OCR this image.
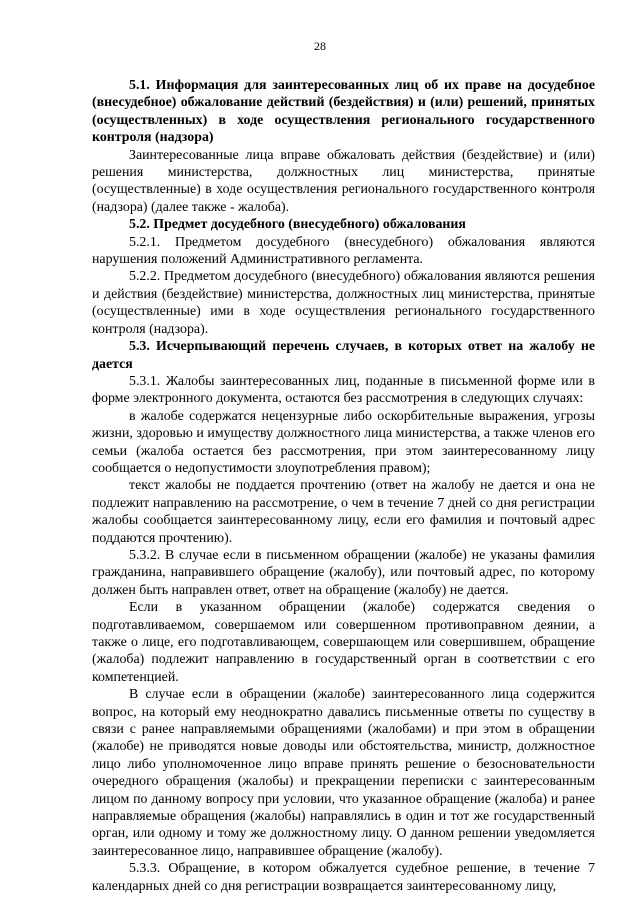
28

5.1. Информация для заинтересованных лиц об их праве на досудебное (внесудебное) обжалование действий (бездействия) и (или) решений, принятых (осуществленных) в ходе осуществления регионального государственного контроля (надзора)

Заинтересованные лица вправе обжаловать действия (бездействие) и (или) решения министерства, должностных лиц министерства, принятые (осуществленные) в ходе осуществления регионального государственного контроля (надзора) (далее также - жалоба).

5.2. Предмет досудебного (внесудебного) обжалования

5.2.1. Предметом досудебного (внесудебного) обжалования являются нарушения положений Административного регламента.

5.2.2. Предметом досудебного (внесудебного) обжалования являются решения и действия (бездействие) министерства, должностных лиц министерства, принятые (осуществленные) ими в ходе осуществления регионального государственного контроля (надзора).

5.3. Исчерпывающий перечень случаев, в которых ответ на жалобу не дается

5.3.1. Жалобы заинтересованных лиц, поданные в письменной форме или в форме электронного документа, остаются без рассмотрения в следующих случаях:

в жалобе содержатся нецензурные либо оскорбительные выражения, угрозы жизни, здоровью и имуществу должностного лица министерства, а также членов его семьи (жалоба остается без рассмотрения, при этом заинтересованному лицу сообщается о недопустимости злоупотребления правом);

текст жалобы не поддается прочтению (ответ на жалобу не дается и она не подлежит направлению на рассмотрение, о чем в течение 7 дней со дня регистрации жалобы сообщается заинтересованному лицу, если его фамилия и почтовый адрес поддаются прочтению).

5.3.2. В случае если в письменном обращении (жалобе) не указаны фамилия гражданина, направившего обращение (жалобу), или почтовый адрес, по которому должен быть направлен ответ, ответ на обращение (жалобу) не дается.

Если в указанном обращении (жалобе) содержатся сведения о подготавливаемом, совершаемом или совершенном противоправном деянии, а также о лице, его подготавливающем, совершающем или совершившем, обращение (жалоба) подлежит направлению в государственный орган в соответствии с его компетенцией.

В случае если в обращении (жалобе) заинтересованного лица содержится вопрос, на который ему неоднократно давались письменные ответы по существу в связи с ранее направляемыми обращениями (жалобами) и при этом в обращении (жалобе) не приводятся новые доводы или обстоятельства, министр, должностное лицо либо уполномоченное лицо вправе принять решение о безосновательности очередного обращения (жалобы) и прекращении переписки с заинтересованным лицом по данному вопросу при условии, что указанное обращение (жалоба) и ранее направляемые обращения (жалобы) направлялись в один и тот же государственный орган, или одному и тому же должностному лицу. О данном решении уведомляется заинтересованное лицо, направившее обращение (жалобу).

5.3.3. Обращение, в котором обжалуется судебное решение, в течение 7 календарных дней со дня регистрации возвращается заинтересованному лицу,
